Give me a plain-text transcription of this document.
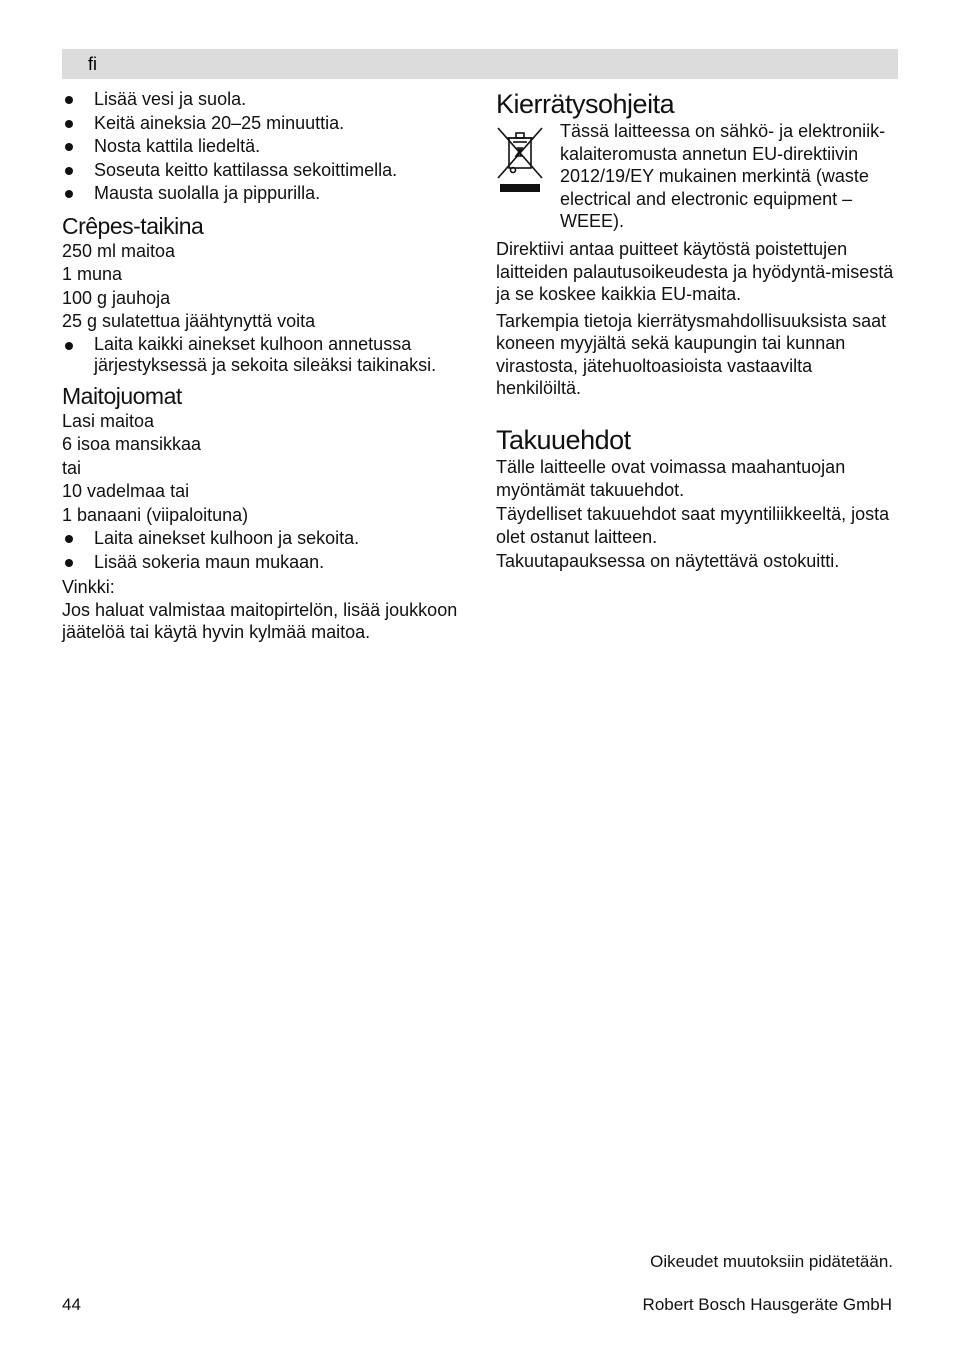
fi
Lisää vesi ja suola.
Keitä aineksia 20–25 minuuttia.
Nosta kattila liedeltä.
Soseuta keitto kattilassa sekoittimella.
Mausta suolalla ja pippurilla.
Crêpes-taikina

250 ml maitoa

1 muna

100 g jauhoja

25 g sulatettua jäähtynyttä voita

Laita kaikki ainekset kulhoon annetussa järjestyksessä ja sekoita sileäksi taikinaksi.
Maitojuomat

Lasi maitoa

6 isoa mansikkaa

tai

10 vadelmaa tai

1 banaani (viipaloituna)

Laita ainekset kulhoon ja sekoita.
Lisää sokeria maun mukaan.

Vinkki:

Jos haluat valmistaa maitopirtelön, lisää joukkoon jäätelöä tai käytä hyvin kylmää maitoa.

Kierrätysohjeita

Tässä laitteessa on sähkö- ja elektroniik-kalaiteromusta annetun EU-direktiivin 2012/19/EY mukainen merkintä (waste electrical and electronic equipment – WEEE).

Direktiivi antaa puitteet käytöstä poistettujen laitteiden palautusoikeudesta ja hyödyntä-misestä ja se koskee kaikkia EU-maita.

Tarkempia tietoja kierrätysmahdollisuuksista saat koneen myyjältä sekä kaupungin tai kunnan virastosta, jätehuoltoasioista vastaavilta henkilöiltä.

Takuuehdot

Tälle laitteelle ovat voimassa maahantuojan myöntämät takuuehdot.

Täydelliset takuuehdot saat myyntiliikkeeltä, josta olet ostanut laitteen.

Takuutapauksessa on näytettävä ostokuitti.

Oikeudet muutoksiin pidätetään.
44	Robert Bosch Hausgeräte GmbH
